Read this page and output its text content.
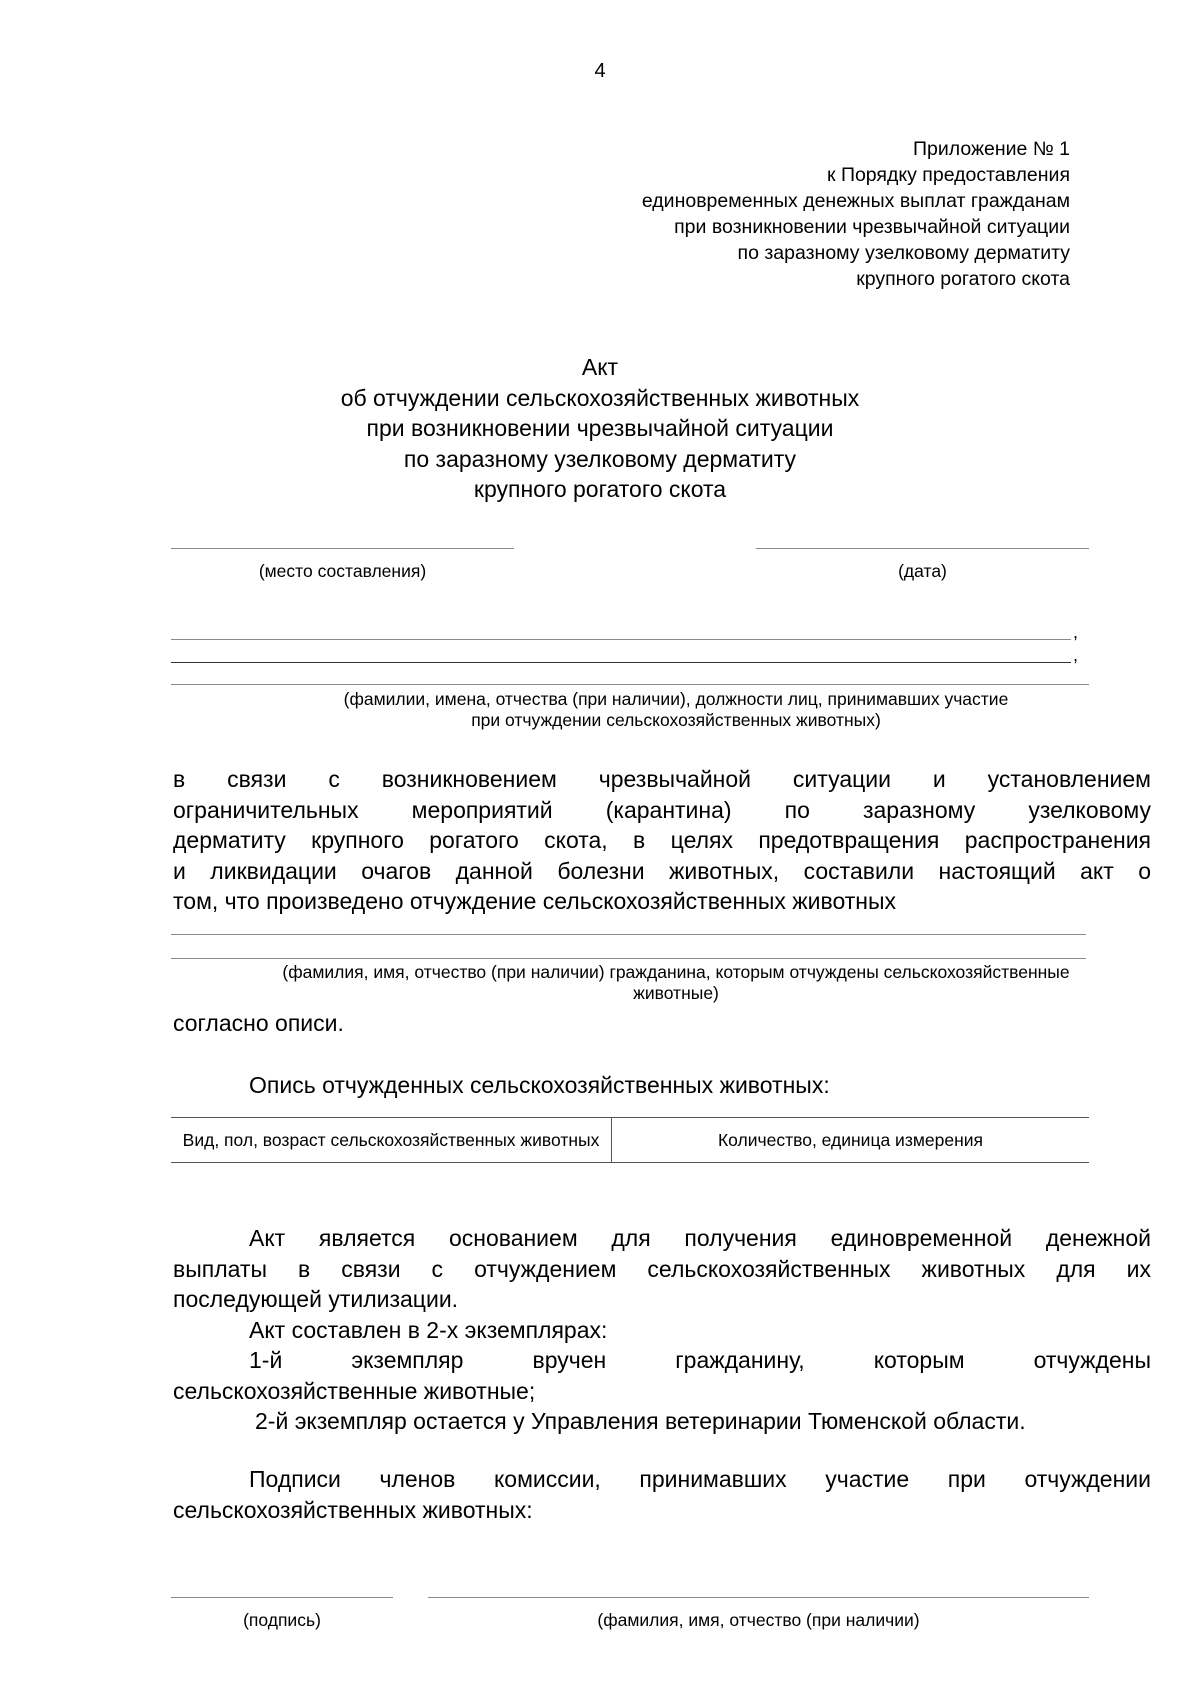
4
Приложение № 1
к Порядку предоставления
единовременных денежных выплат гражданам
при возникновении чрезвычайной ситуации
по заразному узелковому дерматиту
крупного рогатого скота
Акт
об отчуждении сельскохозяйственных животных
при возникновении чрезвычайной ситуации
по заразному узелковому дерматиту
крупного рогатого скота
(место составления)	(дата)
,
,
(фамилии, имена, отчества (при наличии), должности лиц, принимавших участие
при отчуждении сельскохозяйственных животных)
в связи с возникновением чрезвычайной ситуации и установлением
ограничительных мероприятий (карантина) по заразному узелковому
дерматиту крупного рогатого скота, в целях предотвращения распространения
и ликвидации очагов данной болезни животных, составили настоящий акт о
том, что произведено отчуждение сельскохозяйственных животных
(фамилия, имя, отчество (при наличии) гражданина, которым отчуждены сельскохозяйственные
животные)
согласно описи.
Опись отчужденных сельскохозяйственных животных:
Вид, пол, возраст сельскохозяйственных животных	Количество, единица измерения
Акт является основанием для получения единовременной денежной
выплаты в связи с отчуждением сельскохозяйственных животных для их
последующей утилизации.
Акт составлен в 2-х экземплярах:
1-й экземпляр вручен гражданину, которым отчуждены
сельскохозяйственные животные;
2-й экземпляр остается у Управления ветеринарии Тюменской области.
Подписи членов комиссии, принимавших участие при отчуждении
сельскохозяйственных животных:
(подпись)	(фамилия, имя, отчество (при наличии)
